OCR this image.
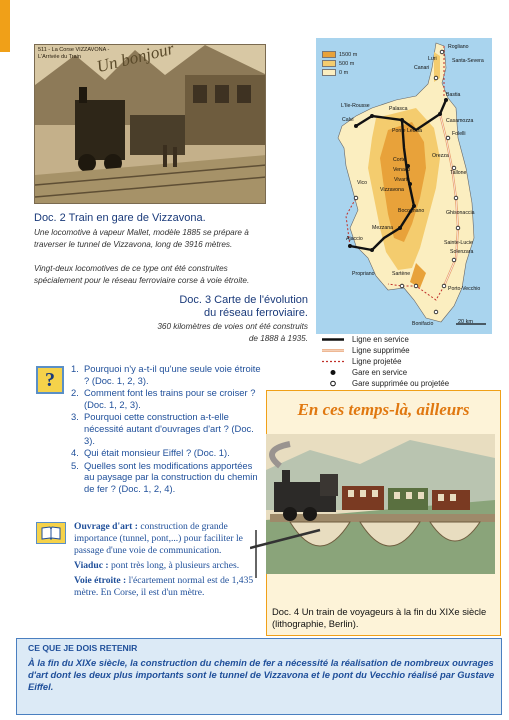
511 - La Corse VIZZAVONA - L'Arrivée du Train Un bonjour
Doc. 2 Train en gare de Vizzavona.
Une locomotive à vapeur Mallet, modèle 1885 se prépare à traverser le tunnel de Vizzavona, long de 3916 mètres.
Vingt-deux locomotives de ce type ont été construites spécialement pour le réseau ferroviaire corse à voie étroite.
Doc. 3 Carte de l'évolution
du réseau ferroviaire.
360 kilomètres de voies ont été construits de 1888 à 1935.
1500 m
500 m
0 m
Rogliano
Santa-Severa
Luri
Canari
L'Ile-Rousse	Palasca
Bastia
Calvi	Casamozza
Ponte Leccia	Folelli
Corte
Venaco
Orezza
Vivario
Vizzavona
Tallone
Vico
Bocognano
Mezzana
Ghisonaccia
Ajaccio
Sainte-Lucie
Solenzara
Propriano	Sartène
Porto-Vecchio
Bonifacio	20 km
Ligne en service
Ligne supprimée
Ligne projetée
Gare en service
Gare supprimée ou projetée
?
1. Pourquoi n'y a-t-il qu'une seule voie étroite ? (Doc. 1, 2, 3).
2. Comment font les trains pour se croiser ? (Doc. 1, 2, 3).
3. Pourquoi cette construction a-t-elle nécessité autant d'ouvrages d'art ? (Doc. 3).
4. Qui était monsieur Eiffel ? (Doc. 1).
5. Quelles sont les modifications apportées au paysage par la construction du chemin de fer ? (Doc. 1, 2, 4).

Ouvrage d'art : construction de grande importance (tunnel, pont,...) pour faciliter le passage d'une voie de communication.

Viaduc : pont très long, à plusieurs arches.

Voie étroite : l'écartement normal est de 1,435 mètre. En Corse, il est d'un mètre.

En ces temps-là, ailleurs
Doc. 4 Un train de voyageurs à la fin du XIXe siècle (lithographie, Berlin).
CE QUE JE DOIS RETENIR
À la fin du XIXe siècle, la construction du chemin de fer a nécessité la réalisation de nombreux ouvrages d'art dont les deux plus importants sont le tunnel de Vizzavona et le pont du Vecchio réalisé par Gustave Eiffel.
